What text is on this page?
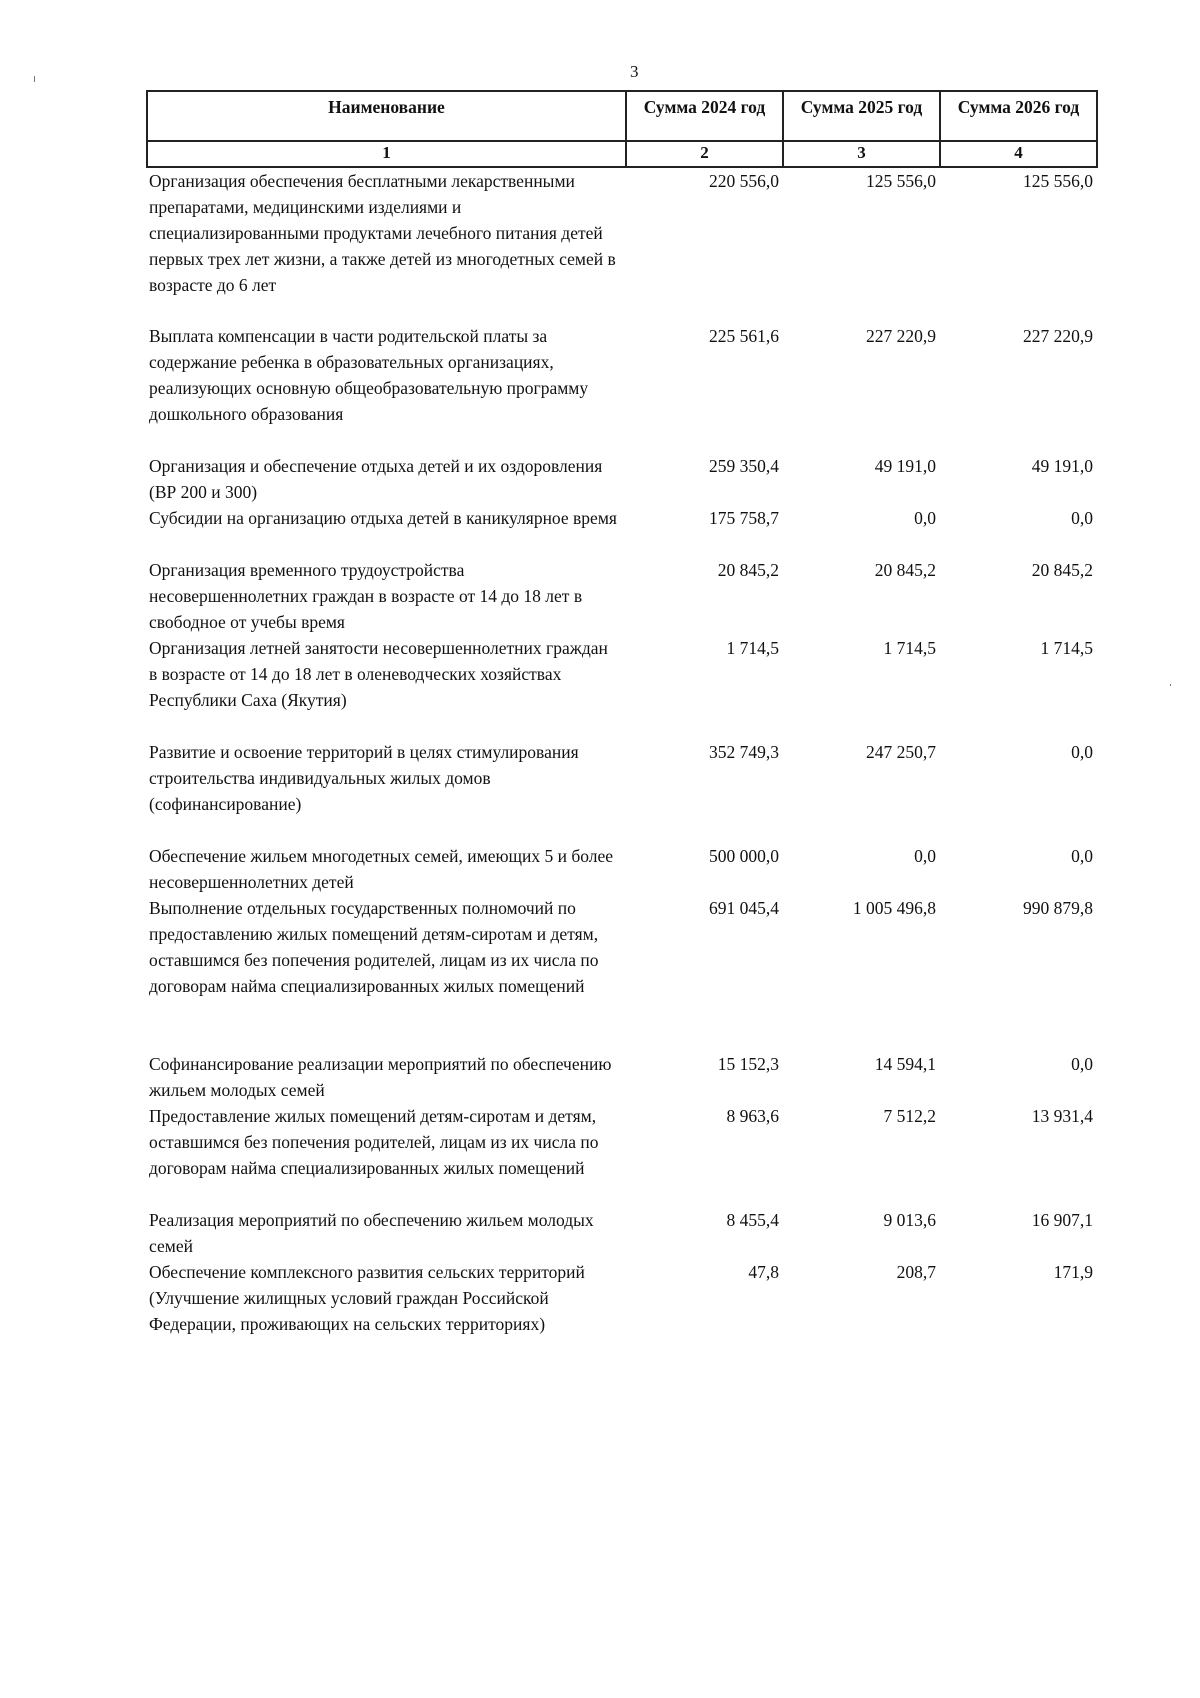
3
Наименование	Сумма 2024 год	Сумма 2025 год	Сумма 2026 год
1	2	3	4
Организация обеспечения бесплатными лекарственными препаратами, медицинскими изделиями и специализированными продуктами лечебного питания детей первых трех лет жизни, а также детей из многодетных семей в возрасте до 6 лет	220 556,0	125 556,0	125 556,0
Выплата компенсации в части родительской платы за содержание ребенка в образовательных организациях, реализующих основную общеобразовательную программу дошкольного образования	225 561,6	227 220,9	227 220,9
Организация и обеспечение отдыха детей и их оздоровления (ВР 200 и 300)	259 350,4	49 191,0	49 191,0
Субсидии на организацию отдыха детей в каникулярное время	175 758,7	0,0	0,0
Организация временного трудоустройства несовершеннолетних граждан в возрасте от 14 до 18 лет в свободное от учебы время	20 845,2	20 845,2	20 845,2
Организация летней занятости несовершеннолетних граждан в возрасте от 14 до 18 лет в оленеводческих хозяйствах Республики Саха (Якутия)	1 714,5	1 714,5	1 714,5
Развитие и освоение территорий в целях стимулирования строительства индивидуальных жилых домов (софинансирование)	352 749,3	247 250,7	0,0
Обеспечение жильем многодетных семей, имеющих 5 и более несовершеннолетних детей	500 000,0	0,0	0,0
Выполнение отдельных государственных полномочий по предоставлению жилых помещений детям-сиротам и детям, оставшимся без попечения родителей, лицам из их числа по договорам найма специализированных жилых помещений	691 045,4	1 005 496,8	990 879,8
Софинансирование реализации мероприятий по обеспечению жильем молодых семей	15 152,3	14 594,1	0,0
Предоставление жилых помещений детям-сиротам и детям, оставшимся без попечения родителей, лицам из их числа по договорам найма специализированных жилых помещений	8 963,6	7 512,2	13 931,4
Реализация мероприятий по обеспечению жильем молодых семей	8 455,4	9 013,6	16 907,1
Обеспечение комплексного развития сельских территорий (Улучшение жилищных условий граждан Российской Федерации, проживающих на сельских территориях)	47,8	208,7	171,9
